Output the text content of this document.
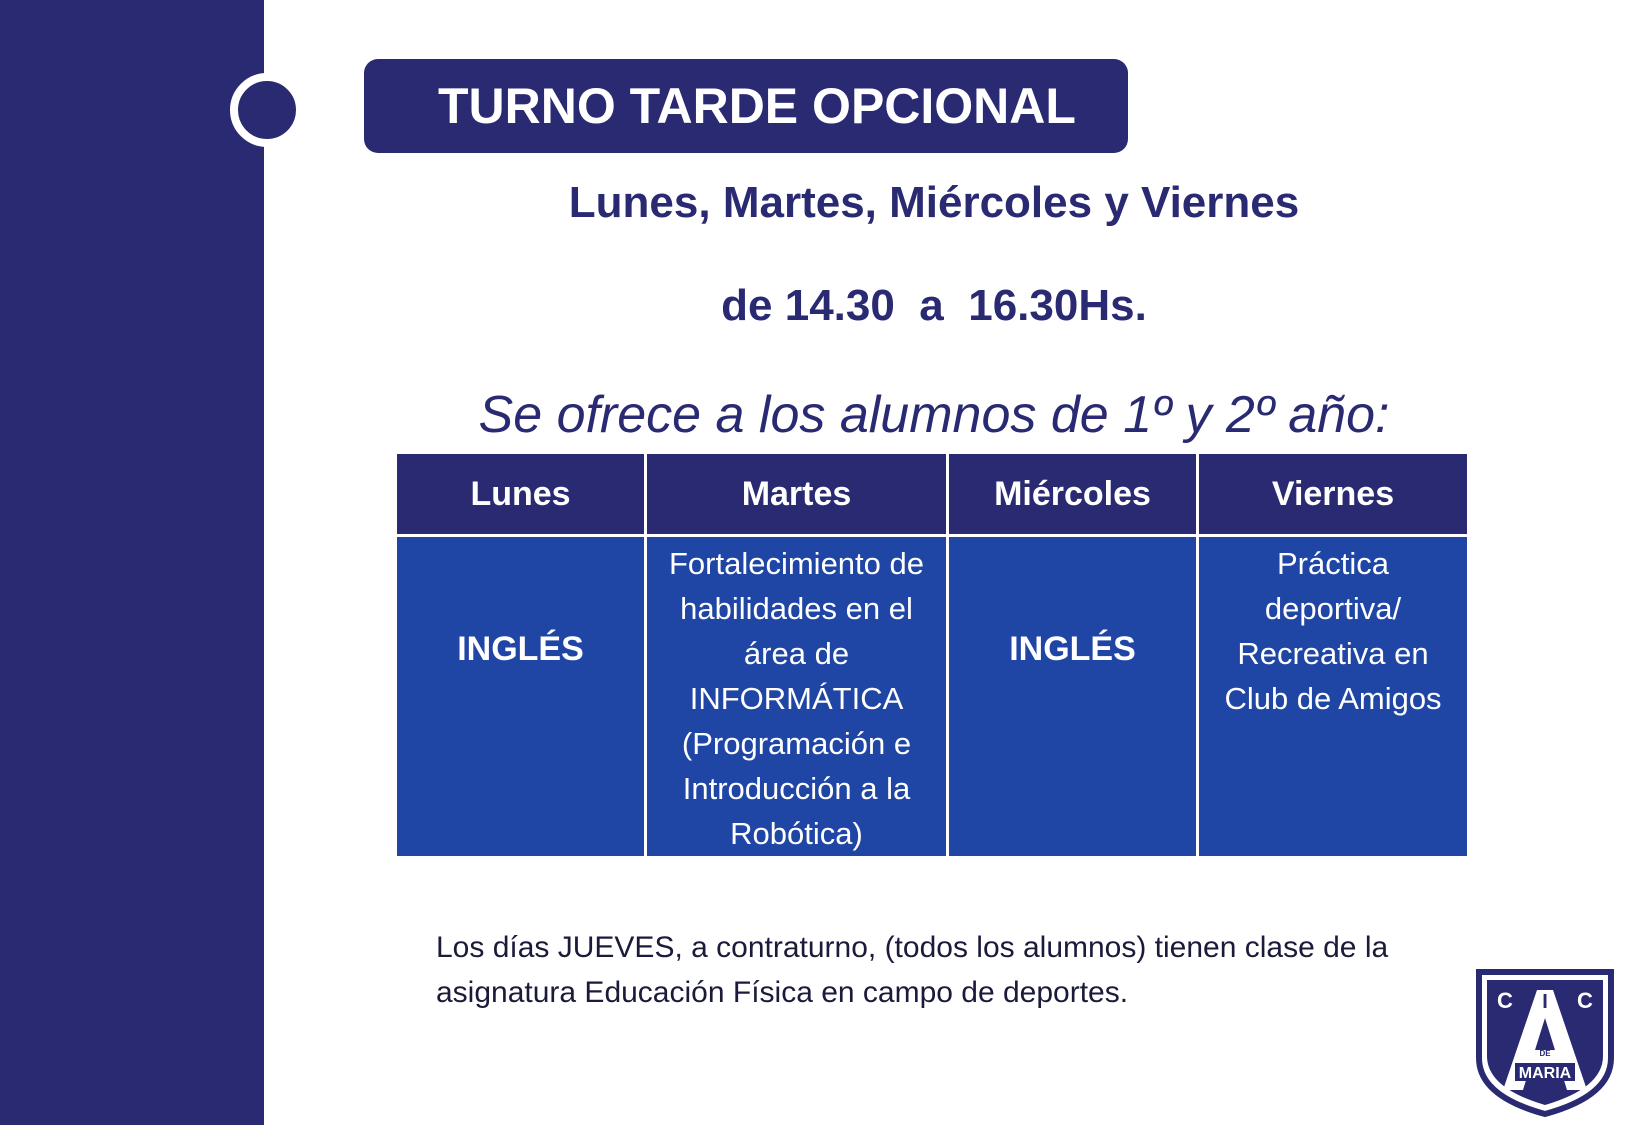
TURNO TARDE OPCIONAL
Lunes, Martes, Miércoles y Viernes
de 14.30  a  16.30Hs.
Se ofrece a los alumnos de 1º y 2º año:
Lunes	Martes	Miércoles	Viernes
INGLÉS	Fortalecimiento de habilidades en el área de INFORMÁTICA (Programación e Introducción a la Robótica)	INGLÉS	Práctica deportiva/ Recreativa en Club de Amigos
Los días JUEVES, a contraturno, (todos los alumnos) tienen clase de la asignatura Educación Física en campo de deportes.	C I C
DE
MARIA
